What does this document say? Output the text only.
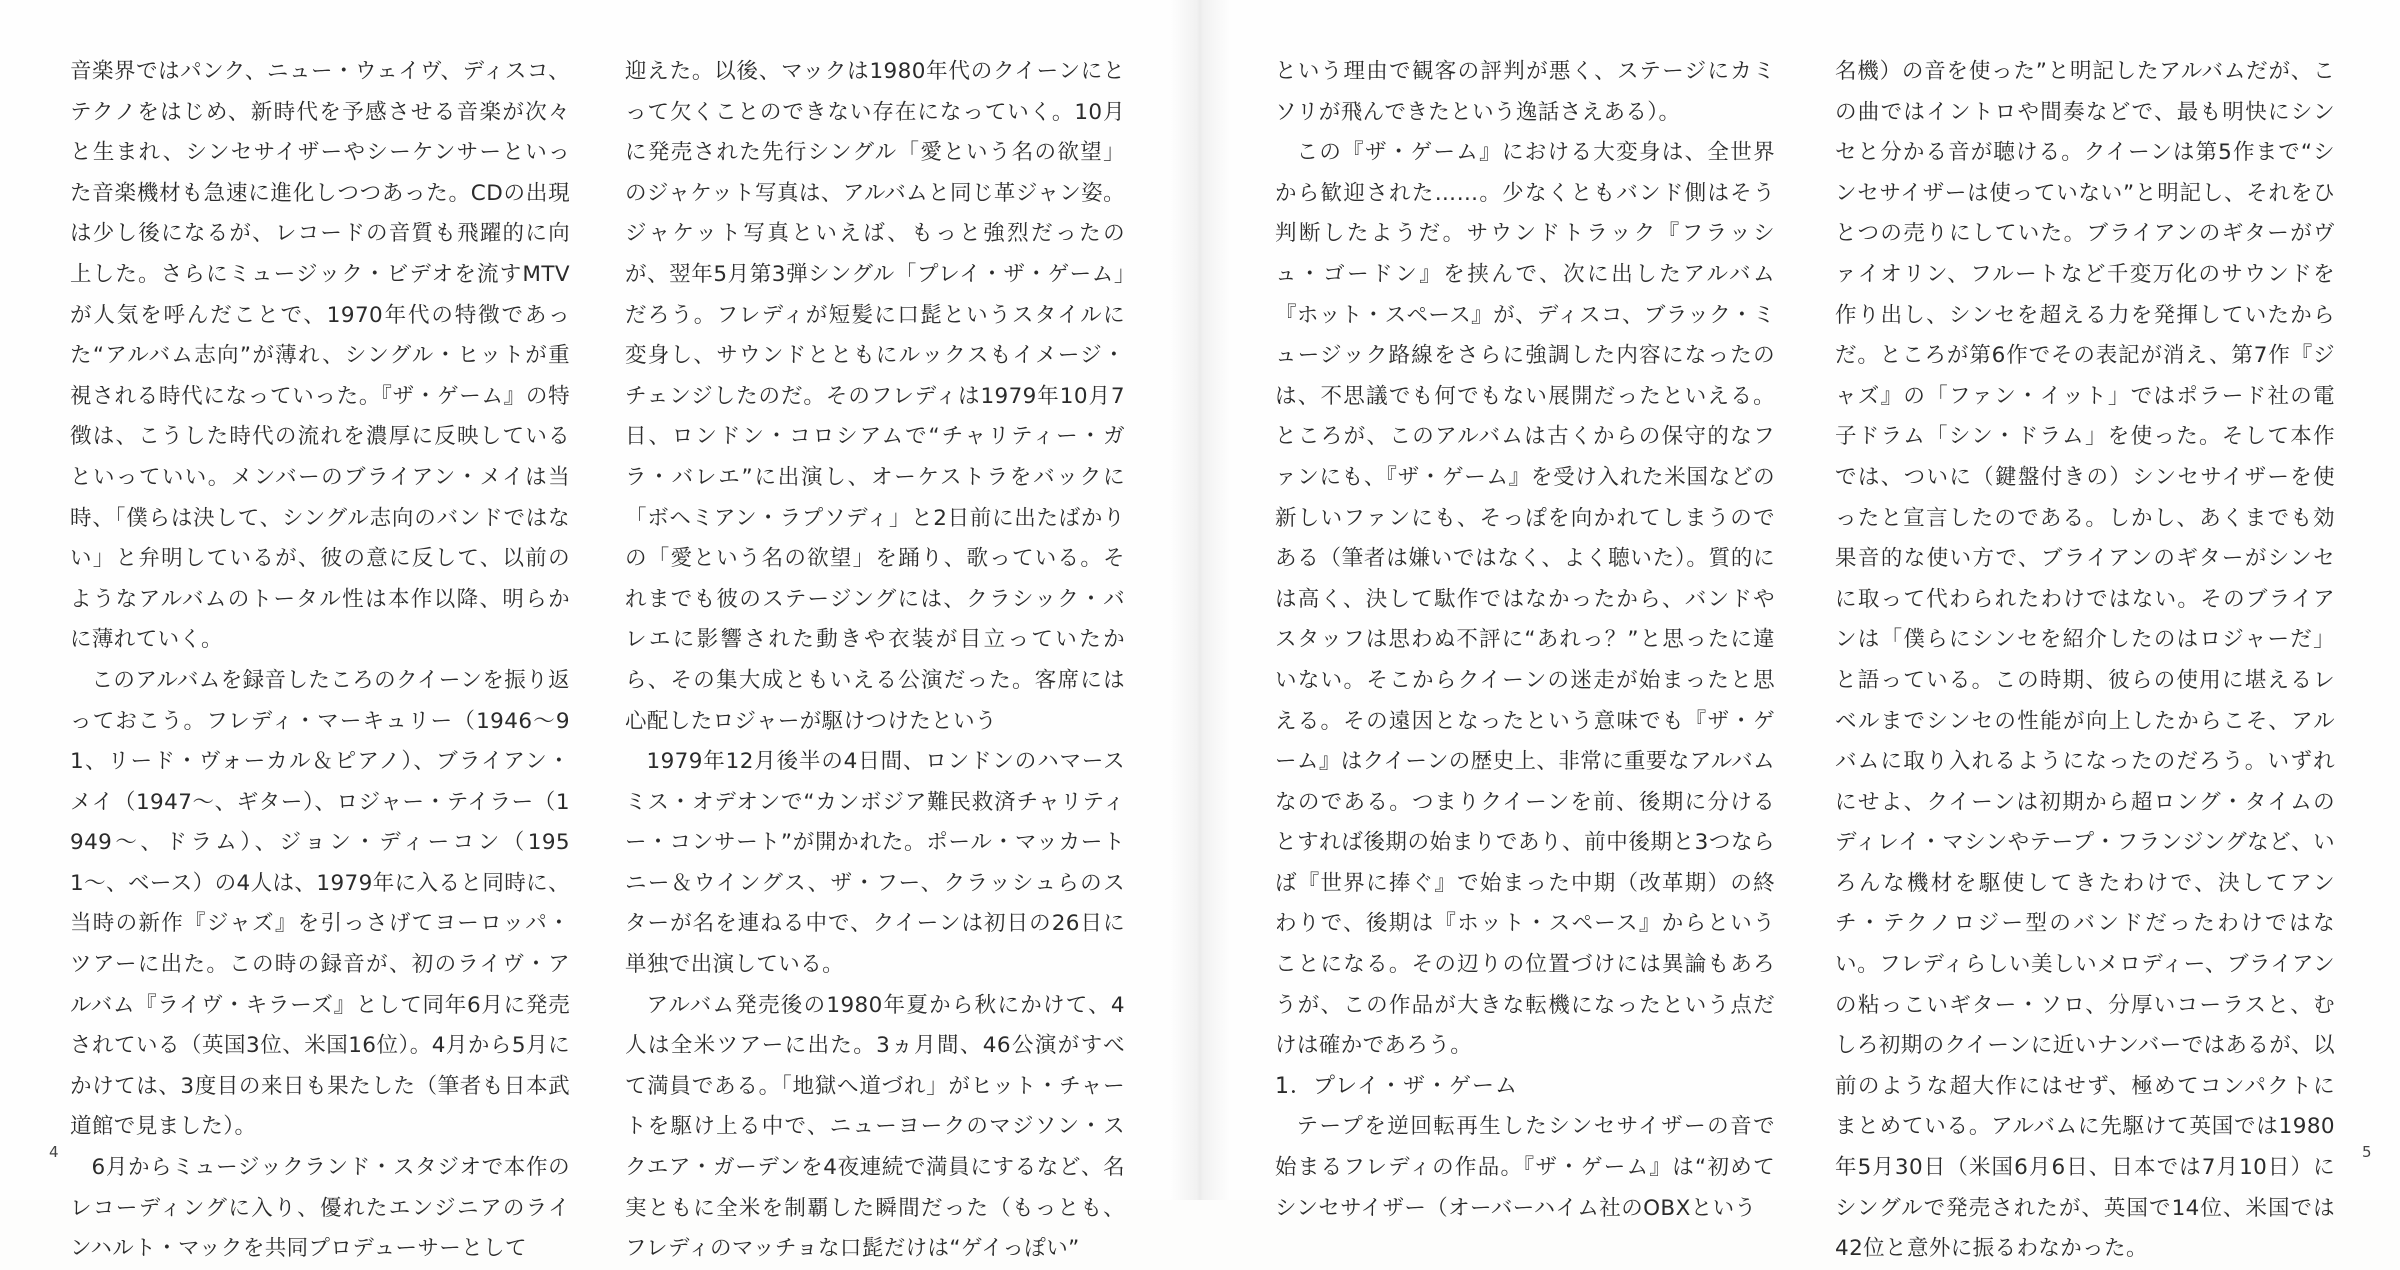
音楽界ではパンク、ニュー・ウェイヴ、ディスコ、テクノをはじめ、新時代を予感させる音楽が次々と生まれ、シンセサイザーやシーケンサーといった音楽機材も急速に進化しつつあった。CDの出現は少し後になるが、レコードの音質も飛躍的に向上した。さらにミュージック・ビデオを流すMTVが人気を呼んだことで、1970年代の特徴であった“アルバム志向”が薄れ、シングル・ヒットが重視される時代になっていった。『ザ・ゲーム』の特徴は、こうした時代の流れを濃厚に反映しているといっていい。メンバーのブライアン・メイは当時、「僕らは決して、シングル志向のバンドではない」と弁明しているが、彼の意に反して、以前のようなアルバムのトータル性は本作以降、明らかに薄れていく。

このアルバムを録音したころのクイーンを振り返っておこう。フレディ・マーキュリー（1946〜91、リード・ヴォーカル＆ピアノ）、ブライアン・メイ（1947〜、ギター）、ロジャー・テイラー（1949〜、ドラム）、ジョン・ディーコン（1951〜、ベース）の4人は、1979年に入ると同時に、当時の新作『ジャズ』を引っさげてヨーロッパ・ツアーに出た。この時の録音が、初のライヴ・アルバム『ライヴ・キラーズ』として同年6月に発売されている（英国3位、米国16位）。4月から5月にかけては、3度目の来日も果たした（筆者も日本武道館で見ました）。

6月からミュージックランド・スタジオで本作のレコーディングに入り、優れたエンジニアのラインハルト・マックを共同プロデューサーとして

迎えた。以後、マックは1980年代のクイーンにとって欠くことのできない存在になっていく。10月に発売された先行シングル「愛という名の欲望」のジャケット写真は、アルバムと同じ革ジャン姿。ジャケット写真といえば、もっと強烈だったのが、翌年5月第3弾シングル「プレイ・ザ・ゲーム」だろう。フレディが短髪に口髭というスタイルに変身し、サウンドとともにルックスもイメージ・チェンジしたのだ。そのフレディは1979年10月7日、ロンドン・コロシアムで“チャリティー・ガラ・バレエ”に出演し、オーケストラをバックに「ボヘミアン・ラプソディ」と2日前に出たばかりの「愛という名の欲望」を踊り、歌っている。それまでも彼のステージングには、クラシック・バレエに影響された動きや衣装が目立っていたから、その集大成ともいえる公演だった。客席には心配したロジャーが駆けつけたという

1979年12月後半の4日間、ロンドンのハマースミス・オデオンで“カンボジア難民救済チャリティー・コンサート”が開かれた。ポール・マッカートニー＆ウイングス、ザ・フー、クラッシュらのスターが名を連ねる中で、クイーンは初日の26日に単独で出演している。

アルバム発売後の1980年夏から秋にかけて、4人は全米ツアーに出た。3ヵ月間、46公演がすべて満員である。「地獄へ道づれ」がヒット・チャートを駆け上る中で、ニューヨークのマジソン・スクエア・ガーデンを4夜連続で満員にするなど、名実ともに全米を制覇した瞬間だった（もっとも、フレディのマッチョな口髭だけは“ゲイっぽい”

4

という理由で観客の評判が悪く、ステージにカミソリが飛んできたという逸話さえある）。

この『ザ・ゲーム』における大変身は、全世界から歓迎された……。少なくともバンド側はそう判断したようだ。サウンドトラック『フラッシュ・ゴードン』を挟んで、次に出したアルバム『ホット・スペース』が、ディスコ、ブラック・ミュージック路線をさらに強調した内容になったのは、不思議でも何でもない展開だったといえる。ところが、このアルバムは古くからの保守的なファンにも、『ザ・ゲーム』を受け入れた米国などの新しいファンにも、そっぽを向かれてしまうのである（筆者は嫌いではなく、よく聴いた）。質的には高く、決して駄作ではなかったから、バンドやスタッフは思わぬ不評に“あれっ？”と思ったに違いない。そこからクイーンの迷走が始まったと思える。その遠因となったという意味でも『ザ・ゲーム』はクイーンの歴史上、非常に重要なアルバムなのである。つまりクイーンを前、後期に分けるとすれば後期の始まりであり、前中後期と3つならば『世界に捧ぐ』で始まった中期（改革期）の終わりで、後期は『ホット・スペース』からということになる。その辺りの位置づけには異論もあろうが、この作品が大きな転機になったという点だけは確かであろう。

1．プレイ・ザ・ゲーム

テープを逆回転再生したシンセサイザーの音で始まるフレディの作品。『ザ・ゲーム』は“初めてシンセサイザー（オーバーハイム社のOBXという

名機）の音を使った”と明記したアルバムだが、この曲ではイントロや間奏などで、最も明快にシンセと分かる音が聴ける。クイーンは第5作まで“シンセサイザーは使っていない”と明記し、それをひとつの売りにしていた。ブライアンのギターがヴァイオリン、フルートなど千変万化のサウンドを作り出し、シンセを超える力を発揮していたからだ。ところが第6作でその表記が消え、第7作『ジャズ』の「ファン・イット」ではポラード社の電子ドラム「シン・ドラム」を使った。そして本作では、ついに（鍵盤付きの）シンセサイザーを使ったと宣言したのである。しかし、あくまでも効果音的な使い方で、ブライアンのギターがシンセに取って代わられたわけではない。そのブライアンは「僕らにシンセを紹介したのはロジャーだ」と語っている。この時期、彼らの使用に堪えるレベルまでシンセの性能が向上したからこそ、アルバムに取り入れるようになったのだろう。いずれにせよ、クイーンは初期から超ロング・タイムのディレイ・マシンやテープ・フランジングなど、いろんな機材を駆使してきたわけで、決してアンチ・テクノロジー型のバンドだったわけではない。フレディらしい美しいメロディー、ブライアンの粘っこいギター・ソロ、分厚いコーラスと、むしろ初期のクイーンに近いナンバーではあるが、以前のような超大作にはせず、極めてコンパクトにまとめている。アルバムに先駆けて英国では1980年5月30日（米国6月6日、日本では7月10日）にシングルで発売されたが、英国で14位、米国では42位と意外に振るわなかった。

5
